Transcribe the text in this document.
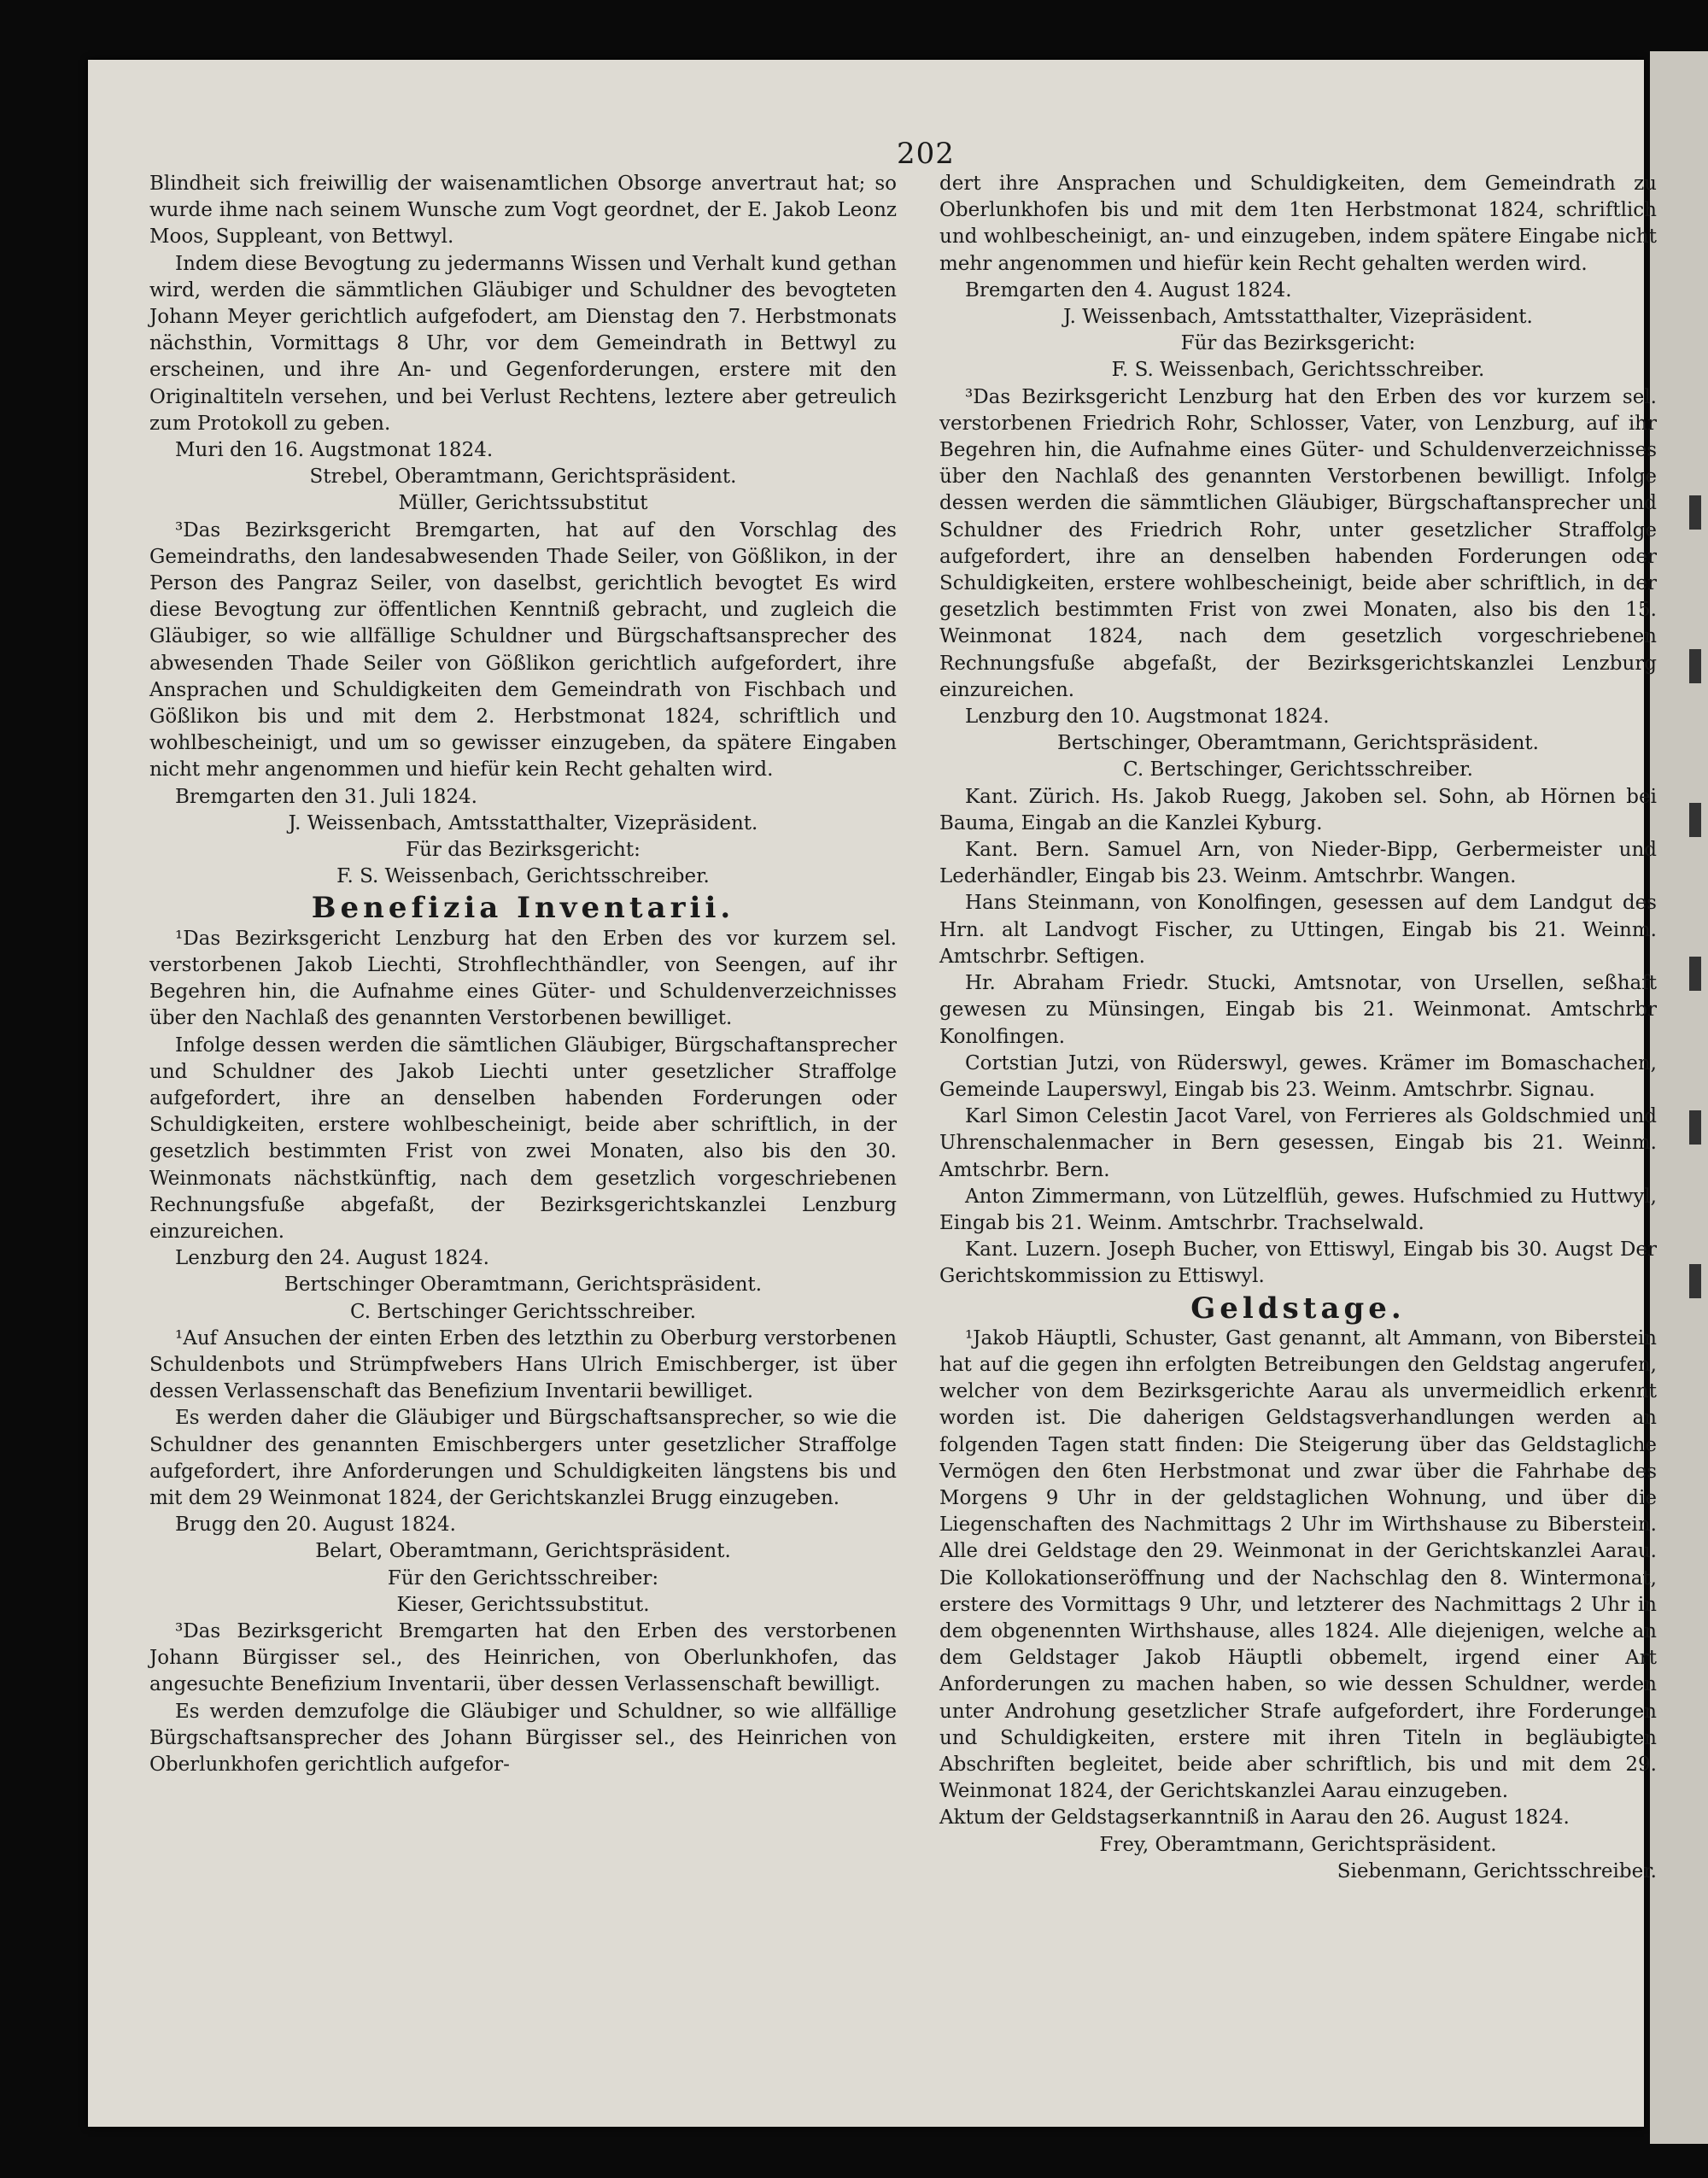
202

Blindheit sich freiwillig der waisenamtlichen Obsorge anvertraut hat; so wurde ihme nach seinem Wunsche zum Vogt geordnet, der E. Jakob Leonz Moos, Suppleant, von Bettwyl.

Indem diese Bevogtung zu jedermanns Wissen und Verhalt kund gethan wird, werden die sämmtlichen Gläubiger und Schuldner des bevogteten Johann Meyer gerichtlich aufgefodert, am Dienstag den 7. Herbstmonats nächsthin, Vormittags 8 Uhr, vor dem Gemeindrath in Bettwyl zu erscheinen, und ihre An- und Gegenforderungen, erstere mit den Originaltiteln versehen, und bei Verlust Rechtens, leztere aber getreulich zum Protokoll zu geben.

Muri den 16. Augstmonat 1824.

Strebel, Oberamtmann, Gerichtspräsident.

Müller, Gerichtssubstitut

³Das Bezirksgericht Bremgarten, hat auf den Vorschlag des Gemeindraths, den landesabwesenden Thade Seiler, von Gößlikon, in der Person des Pangraz Seiler, von daselbst, gerichtlich bevogtet Es wird diese Bevogtung zur öffentlichen Kenntniß gebracht, und zugleich die Gläubiger, so wie allfällige Schuldner und Bürgschaftsansprecher des abwesenden Thade Seiler von Gößlikon gerichtlich aufgefordert, ihre Ansprachen und Schuldigkeiten dem Gemeindrath von Fischbach und Gößlikon bis und mit dem 2. Herbstmonat 1824, schriftlich und wohlbescheinigt, und um so gewisser einzugeben, da spätere Eingaben nicht mehr angenommen und hiefür kein Recht gehalten wird.

Bremgarten den 31. Juli 1824.

J. Weissenbach, Amtsstatthalter, Vizepräsident.

Für das Bezirksgericht:

F. S. Weissenbach, Gerichtsschreiber.

Benefizia Inventarii.

¹Das Bezirksgericht Lenzburg hat den Erben des vor kurzem sel. verstorbenen Jakob Liechti, Strohflechthändler, von Seengen, auf ihr Begehren hin, die Aufnahme eines Güter- und Schuldenverzeichnisses über den Nachlaß des genannten Verstorbenen bewilliget.

Infolge dessen werden die sämtlichen Gläubiger, Bürgschaftansprecher und Schuldner des Jakob Liechti unter gesetzlicher Straffolge aufgefordert, ihre an denselben habenden Forderungen oder Schuldigkeiten, erstere wohlbescheinigt, beide aber schriftlich, in der gesetzlich bestimmten Frist von zwei Monaten, also bis den 30. Weinmonats nächstkünftig, nach dem gesetzlich vorgeschriebenen Rechnungsfuße abgefaßt, der Bezirksgerichtskanzlei Lenzburg einzureichen.

Lenzburg den 24. August 1824.

Bertschinger Oberamtmann, Gerichtspräsident.

C. Bertschinger Gerichtsschreiber.

¹Auf Ansuchen der einten Erben des letzthin zu Oberburg verstorbenen Schuldenbots und Strümpfwebers Hans Ulrich Emischberger, ist über dessen Verlassenschaft das Benefizium Inventarii bewilliget.

Es werden daher die Gläubiger und Bürgschaftsansprecher, so wie die Schuldner des genannten Emischbergers unter gesetzlicher Straffolge aufgefordert, ihre Anforderungen und Schuldigkeiten längstens bis und mit dem 29 Weinmonat 1824, der Gerichtskanzlei Brugg einzugeben.

Brugg den 20. August 1824.

Belart, Oberamtmann, Gerichtspräsident.

Für den Gerichtsschreiber:

Kieser, Gerichtssubstitut.

³Das Bezirksgericht Bremgarten hat den Erben des verstorbenen Johann Bürgisser sel., des Heinrichen, von Oberlunkhofen, das angesuchte Benefizium Inventarii, über dessen Verlassenschaft bewilligt.

Es werden demzufolge die Gläubiger und Schuldner, so wie allfällige Bürgschaftsansprecher des Johann Bürgisser sel., des Heinrichen von Oberlunkhofen gerichtlich aufgefor-

dert ihre Ansprachen und Schuldigkeiten, dem Gemeindrath zu Oberlunkhofen bis und mit dem 1ten Herbstmonat 1824, schriftlich und wohlbescheinigt, an- und einzugeben, indem spätere Eingabe nicht mehr angenommen und hiefür kein Recht gehalten werden wird.

Bremgarten den 4. August 1824.

J. Weissenbach, Amtsstatthalter, Vizepräsident.

Für das Bezirksgericht:

F. S. Weissenbach, Gerichtsschreiber.

³Das Bezirksgericht Lenzburg hat den Erben des vor kurzem sel. verstorbenen Friedrich Rohr, Schlosser, Vater, von Lenzburg, auf ihr Begehren hin, die Aufnahme eines Güter- und Schuldenverzeichnisses über den Nachlaß des genannten Verstorbenen bewilligt. Infolge dessen werden die sämmtlichen Gläubiger, Bürgschaftansprecher und Schuldner des Friedrich Rohr, unter gesetzlicher Straffolge aufgefordert, ihre an denselben habenden Forderungen oder Schuldigkeiten, erstere wohlbescheinigt, beide aber schriftlich, in der gesetzlich bestimmten Frist von zwei Monaten, also bis den 15. Weinmonat 1824, nach dem gesetzlich vorgeschriebenen Rechnungsfuße abgefaßt, der Bezirksgerichtskanzlei Lenzburg einzureichen.

Lenzburg den 10. Augstmonat 1824.

Bertschinger, Oberamtmann, Gerichtspräsident.

C. Bertschinger, Gerichtsschreiber.

Kant. Zürich. Hs. Jakob Ruegg, Jakoben sel. Sohn, ab Hörnen bei Bauma, Eingab an die Kanzlei Kyburg.

Kant. Bern. Samuel Arn, von Nieder-Bipp, Gerbermeister und Lederhändler, Eingab bis 23. Weinm. Amtschrbr. Wangen.

Hans Steinmann, von Konolfingen, gesessen auf dem Landgut des Hrn. alt Landvogt Fischer, zu Uttingen, Eingab bis 21. Weinm. Amtschrbr. Seftigen.

Hr. Abraham Friedr. Stucki, Amtsnotar, von Ursellen, seßhaft gewesen zu Münsingen, Eingab bis 21. Weinmonat. Amtschrbr Konolfingen.

Cortstian Jutzi, von Rüderswyl, gewes. Krämer im Bomaschachen, Gemeinde Lauperswyl, Eingab bis 23. Weinm. Amtschrbr. Signau.

Karl Simon Celestin Jacot Varel, von Ferrieres als Goldschmied und Uhrenschalenmacher in Bern gesessen, Eingab bis 21. Weinm. Amtschrbr. Bern.

Anton Zimmermann, von Lützelflüh, gewes. Hufschmied zu Huttwyl, Eingab bis 21. Weinm. Amtschrbr. Trachselwald.

Kant. Luzern. Joseph Bucher, von Ettiswyl, Eingab bis 30. Augst Der Gerichtskommission zu Ettiswyl.

Geldstage.

¹Jakob Häuptli, Schuster, Gast genannt, alt Ammann, von Biberstein hat auf die gegen ihn erfolgten Betreibungen den Geldstag angerufen, welcher von dem Bezirksgerichte Aarau als unvermeidlich erkennt worden ist. Die daherigen Geldstagsverhandlungen werden an folgenden Tagen statt finden: Die Steigerung über das Geldstagliche Vermögen den 6ten Herbstmonat und zwar über die Fahrhabe des Morgens 9 Uhr in der geldstaglichen Wohnung, und über die Liegenschaften des Nachmittags 2 Uhr im Wirthshause zu Biberstein. Alle drei Geldstage den 29. Weinmonat in der Gerichtskanzlei Aarau. Die Kollokationseröffnung und der Nachschlag den 8. Wintermonat, erstere des Vormittags 9 Uhr, und letzterer des Nachmittags 2 Uhr in dem obgenennten Wirthshause, alles 1824. Alle diejenigen, welche an dem Geldstager Jakob Häuptli obbemelt, irgend einer Art Anforderungen zu machen haben, so wie dessen Schuldner, werden unter Androhung gesetzlicher Strafe aufgefordert, ihre Forderungen und Schuldigkeiten, erstere mit ihren Titeln in begläubigten Abschriften begleitet, beide aber schriftlich, bis und mit dem 29. Weinmonat 1824, der Gerichtskanzlei Aarau einzugeben.

Aktum der Geldstagserkanntniß in Aarau den 26. August 1824.

Frey, Oberamtmann, Gerichtspräsident.

Siebenmann, Gerichtsschreiber.
